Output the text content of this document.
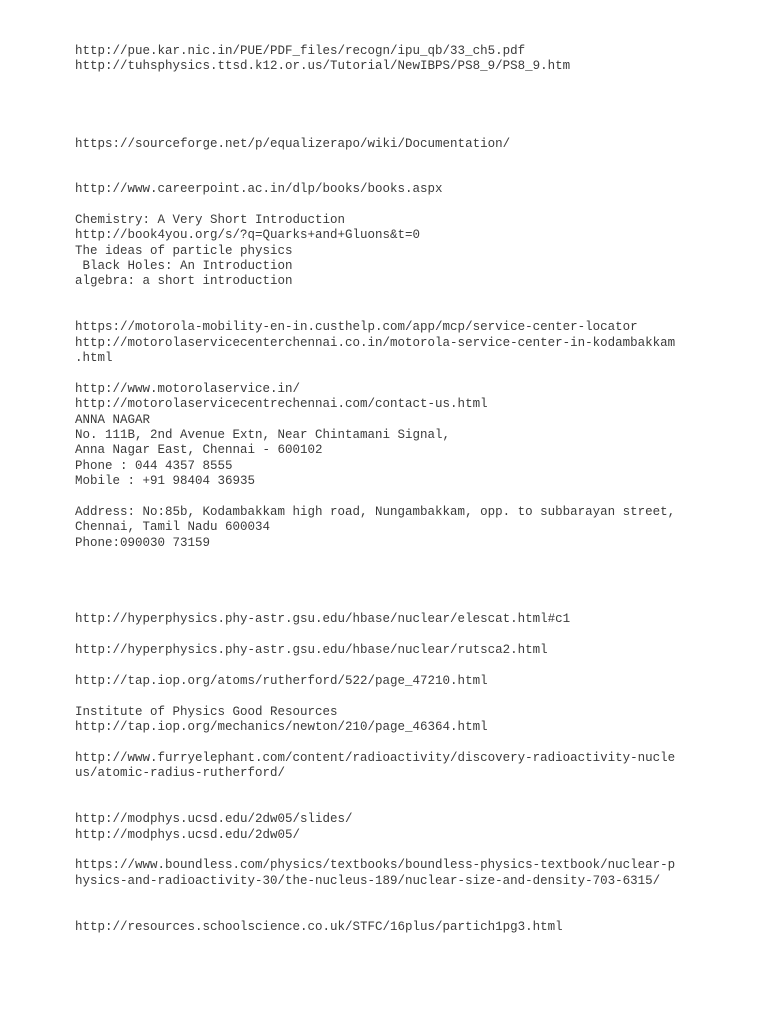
http://pue.kar.nic.in/PUE/PDF_files/recogn/ipu_qb/33_ch5.pdf

http://tuhsphysics.ttsd.k12.or.us/Tutorial/NewIBPS/PS8_9/PS8_9.htm

https://sourceforge.net/p/equalizerapo/wiki/Documentation/

http://www.careerpoint.ac.in/dlp/books/books.aspx

Chemistry: A Very Short Introduction

http://book4you.org/s/?q=Quarks+and+Gluons&t=0

The ideas of particle physics

Black Holes: An Introduction

algebra: a short introduction

https://motorola-mobility-en-in.custhelp.com/app/mcp/service-center-locator

http://motorolaservicecenterchennai.co.in/motorola-service-center-in-kodambakkam

.html

http://www.motorolaservice.in/

http://motorolaservicecentrechennai.com/contact-us.html

ANNA NAGAR

No. 111B, 2nd Avenue Extn, Near Chintamani Signal,

Anna Nagar East, Chennai - 600102

Phone : 044 4357 8555

Mobile : +91 98404 36935

Address: No:85b, Kodambakkam high road, Nungambakkam, opp. to subbarayan street,

Chennai, Tamil Nadu 600034

Phone:090030 73159

http://hyperphysics.phy-astr.gsu.edu/hbase/nuclear/elescat.html#c1

http://hyperphysics.phy-astr.gsu.edu/hbase/nuclear/rutsca2.html

http://tap.iop.org/atoms/rutherford/522/page_47210.html

Institute of Physics Good Resources

http://tap.iop.org/mechanics/newton/210/page_46364.html

http://www.furryelephant.com/content/radioactivity/discovery-radioactivity-nucle

us/atomic-radius-rutherford/

http://modphys.ucsd.edu/2dw05/slides/

http://modphys.ucsd.edu/2dw05/

https://www.boundless.com/physics/textbooks/boundless-physics-textbook/nuclear-p

hysics-and-radioactivity-30/the-nucleus-189/nuclear-size-and-density-703-6315/

http://resources.schoolscience.co.uk/STFC/16plus/partich1pg3.html
